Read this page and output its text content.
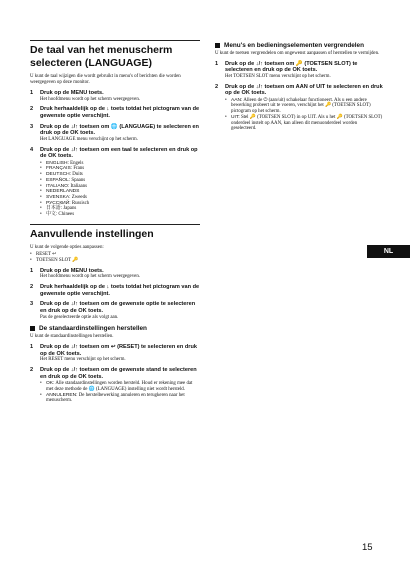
De taal van het menuscherm selecteren (LANGUAGE)
U kunt de taal wijzigen die wordt gebruikt in menu's of berichten die worden weergegeven op deze monitor.
1 Druk op de MENU toets.
Het hoofdmenu wordt op het scherm weergegeven.
2 Druk herhaaldelijk op de ↓ toets totdat het pictogram van de gewenste optie verschijnt.
3 Druk op de ↓/↑ toetsen om 🌐 (LANGUAGE) te selecteren en druk op de OK toets.
Het LANGUAGE menu verschijnt op het scherm.
4 Druk op de ↓/↑ toetsen om een taal te selecteren en druk op de OK toets.
• ENGLISH: Engels
• FRANÇAIS: Frans
• DEUTSCH: Duits
• ESPAÑOL: Spaans
• ITALIANO: Italiaans
• NEDERLANDS
• SVENSKA: Zweeds
• РУССКИЙ: Russisch
• 日本語: Japans
• 中文: Chinees
Aanvullende instellingen
U kunt de volgende opties aanpassen:
• RESET ↩
• TOETSEN SLOT 🔑
1 Druk op de MENU toets.
Het hoofdmenu wordt op het scherm weergegeven.
2 Druk herhaaldelijk op de ↓ toets totdat het pictogram van de gewenste optie verschijnt.
3 Druk op de ↓/↑ toetsen om de gewenste optie te selecteren en druk op de OK toets.
Pas de geselecteerde optie als volgt aan.
De standaardinstellingen herstellen
U kunt de standaardinstellingen herstellen.
1 Druk op de ↓/↑ toetsen om ↩ (RESET) te selecteren en druk op de OK toets.
Het RESET menu verschijnt op het scherm.
2 Druk op de ↓/↑ toetsen om de gewenste stand te selecteren en druk op de OK toets.
• OK: Alle standaardinstellingen worden hersteld. Houd er rekening mee dat met deze methode de 🌐 (LANGUAGE) instelling niet wordt hersteld.
• ANNULEREN: De herstelbewerking annuleren en terugkeren naar het menuscherm.
Menu's en bedieningselementen vergrendelen
U kunt de toetsen vergrendelen om ongewenst aanpassen of herstellen te vermijden.
1 Druk op de ↓/↑ toetsen om 🔑 (TOETSEN SLOT) te selecteren en druk op de OK toets.
Het TOETSEN SLOT menu verschijnt op het scherm.
2 Druk op de ↓/↑ toetsen om AAN of UIT te selecteren en druk op de OK toets.
• AAN: Alleen de ⏻ (aan/uit) schakelaar functioneert. Als u een andere bewerking probeert uit te voeren, verschijnt het 🔑 (TOETSEN SLOT) pictogram op het scherm.
• UIT: Stel 🔑 (TOETSEN SLOT) in op UIT. Als u het 🔑 (TOETSEN SLOT) onderdeel instelt op AAN, kan alleen dit menuonderdeel worden geselecteerd.
NL
15
